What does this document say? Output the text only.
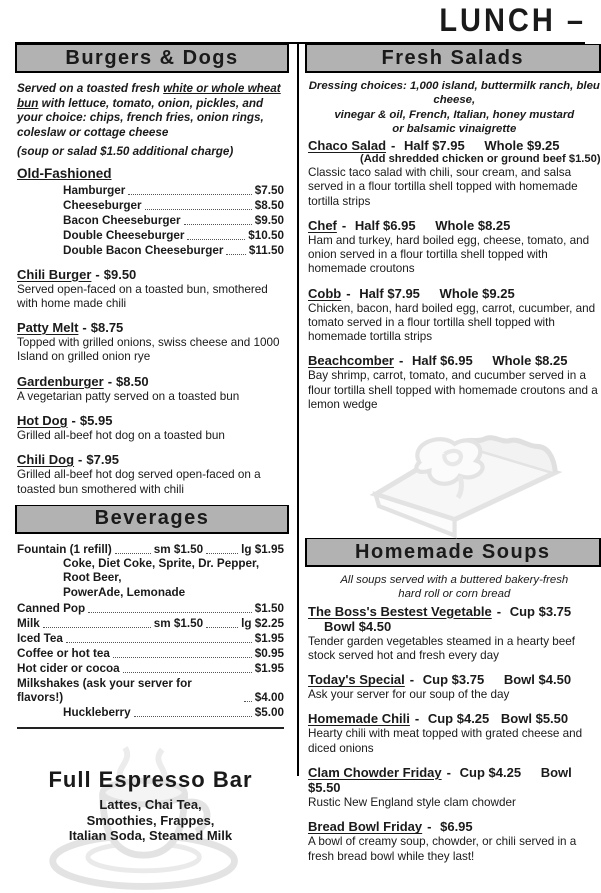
LUNCH –
Burgers & Dogs
Served on a toasted fresh white or whole wheat bun with lettuce, tomato, onion, pickles, and your choice: chips, french fries, onion rings, coleslaw or cottage cheese
(soup or salad $1.50 additional charge)
Old-Fashioned
Hamburger	$7.50
Cheeseburger	$8.50
Bacon Cheeseburger	$9.50
Double Cheeseburger	$10.50
Double Bacon Cheeseburger $11.50
Chili Burger - $9.50
Served open-faced on a toasted bun, smothered with home made chili
Patty Melt - $8.75
Topped with grilled onions, swiss cheese and 1000 Island on grilled onion rye
Gardenburger - $8.50
A vegetarian patty served on a toasted bun
Hot Dog - $5.95
Grilled all-beef hot dog on a toasted bun
Chili Dog - $7.95
Grilled all-beef hot dog served open-faced on a toasted bun smothered with chili
Beverages
Fountain (1 refill)	sm $1.50	lg $1.95
Coke, Diet Coke, Sprite, Dr. Pepper, Root Beer,
PowerAde, Lemonade
Canned Pop	$1.50
Milk	sm $1.50	lg $2.25
Iced Tea	$1.95
Coffee or hot tea	$0.95
Hot cider or cocoa	$1.95
Milkshakes (ask your server for flavors!)	$4.00
Huckleberry	$5.00
Full Espresso Bar
Lattes, Chai Tea,
Smoothies, Frappes,
Italian Soda, Steamed Milk
Fresh Salads
Dressing choices: 1,000 island, buttermilk ranch, bleu cheese,
vinegar & oil, French, Italian, honey mustard
or balsamic vinaigrette
Chaco Salad - Half $7.95 Whole $9.25
(Add shredded chicken or ground beef $1.50)
Classic taco salad with chili, sour cream, and salsa served in a flour tortilla shell topped with homemade tortilla strips
Chef - Half $6.95 Whole $8.25
Ham and turkey, hard boiled egg, cheese, tomato, and onion served in a flour tortilla shell topped with homemade croutons
Cobb - Half $7.95 Whole $9.25
Chicken, bacon, hard boiled egg, carrot, cucumber, and tomato served in a flour tortilla shell topped with homemade tortilla strips
Beachcomber - Half $6.95 Whole $8.25
Bay shrimp, carrot, tomato, and cucumber served in a flour tortilla shell topped with homemade croutons and a lemon wedge
Homemade Soups
All soups served with a buttered bakery-fresh
hard roll or corn bread
The Boss's Bestest Vegetable - Cup $3.75 Bowl $4.50
Tender garden vegetables steamed in a hearty beef stock served hot and fresh every day
Today's Special - Cup $3.75 Bowl $4.50
Ask your server for our soup of the day
Homemade Chili - Cup $4.25 Bowl $5.50
Hearty chili with meat topped with grated cheese and diced onions
Clam Chowder Friday - Cup $4.25 Bowl $5.50
Rustic New England style clam chowder
Bread Bowl Friday - $6.95
A bowl of creamy soup, chowder, or chili served in a fresh bread bowl while they last!
